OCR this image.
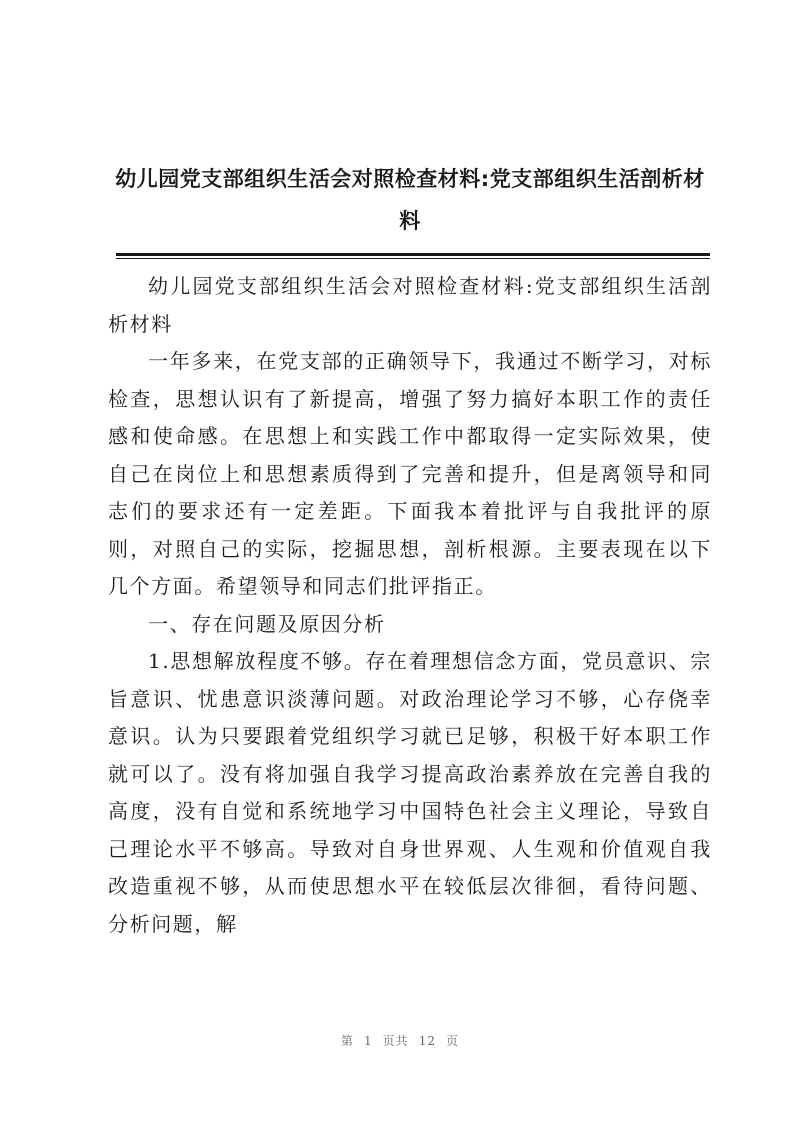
幼儿园党支部组织生活会对照检查材料:党支部组织生活剖析材料

幼儿园党支部组织生活会对照检查材料:党支部组织生活剖析材料

一年多来，在党支部的正确领导下，我通过不断学习，对标检查，思想认识有了新提高，增强了努力搞好本职工作的责任感和使命感。在思想上和实践工作中都取得一定实际效果，使自己在岗位上和思想素质得到了完善和提升，但是离领导和同志们的要求还有一定差距。下面我本着批评与自我批评的原则，对照自己的实际，挖掘思想，剖析根源。主要表现在以下几个方面。希望领导和同志们批评指正。

一、存在问题及原因分析

1.思想解放程度不够。存在着理想信念方面，党员意识、宗旨意识、忧患意识淡薄问题。对政治理论学习不够，心存侥幸意识。认为只要跟着党组织学习就已足够，积极干好本职工作就可以了。没有将加强自我学习提高政治素养放在完善自我的高度，没有自觉和系统地学习中国特色社会主义理论，导致自己理论水平不够高。导致对自身世界观、人生观和价值观自我改造重视不够，从而使思想水平在较低层次徘徊，看待问题、分析问题，解

第 1 页共 12 页
